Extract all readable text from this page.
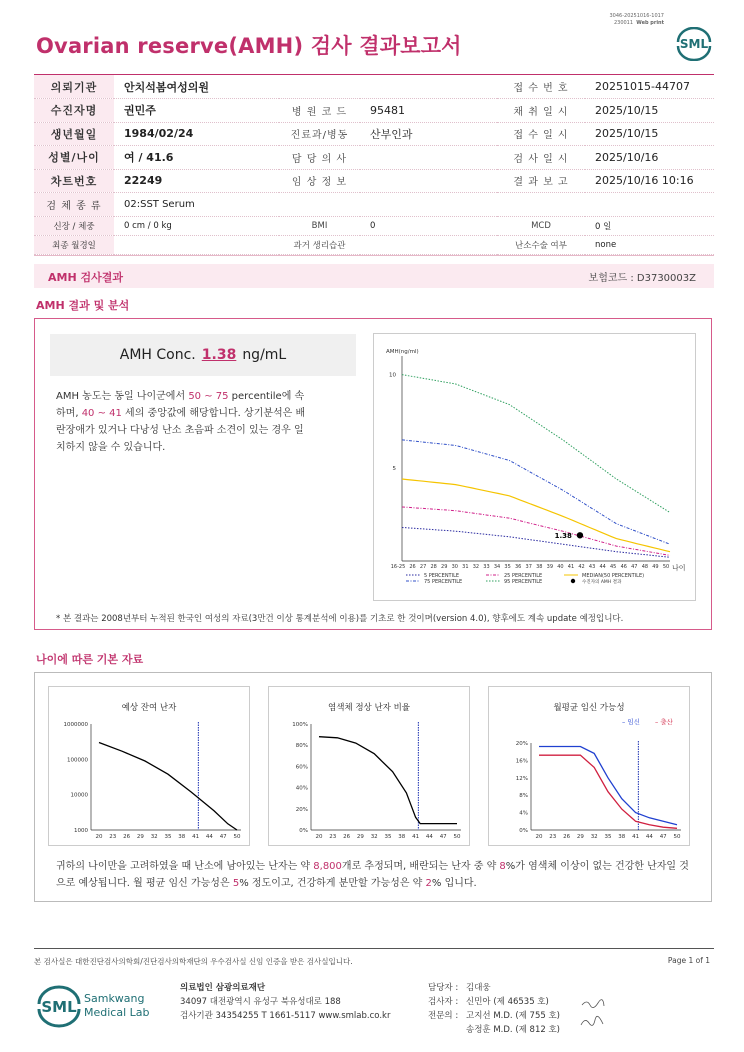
Ovarian reserve(AMH) 검사 결과보고서
3046-20251016-1017
230011 Web print
SML
의뢰기관	안치석봄여성의원			접 수 번 호	20251015-44707
수진자명	권민주	병 원 코 드	95481	채 취 일 시	2025/10/15
생년월일	1984/02/24	진료과/병동	산부인과	접 수 일 시	2025/10/15
성별/나이	여 / 41.6	담 당 의 사		검 사 일 시	2025/10/16
차트번호	22249	임 상 정 보		결 과 보 고	2025/10/16 10:16
검 체 종 류	02:SST Serum				
신장 / 체중	0 cm / 0 kg	BMI	0	MCD	0 일
최종 월경일		과거 생리습관		난소수술 여부	none
AMH 검사결과	보험코드 : D3730003Z
AMH 결과 및 분석
AMH Conc. 1.38 ng/mL
AMH 농도는 동일 나이군에서 50 ~ 75 percentile에 속하며, 40 ~ 41 세의 중앙값에 해당합니다. 상기분석은 배란장애가 있거나 다낭성 난소 초음파 소견이 있는 경우 일치하지 않을 수 있습니다.
AMH(ng/ml)
나이
5
10
16-25 26 27 28 29 30 31 32 33 34 35 36 37 38 39 40 41 42 43 44 45 46 47 48 49 50
1.38
5 PERCENTILE	25 PERCENTILE
75 PERCENTILE	95 PERCENTILE
MEDIAN(50 PERCENTILE)
수진자의 AMH 결과
* 본 결과는 2008년부터 누적된 한국인 여성의 자료(3만건 이상 통계분석에 이용)를 기초로 한 것이며(version 4.0), 향후에도 계속 update 예정입니다.
나이에 따른 기본 자료
예상 잔여 난자
1000000
100000
10000
1000
20 23 26 29 32 35 38 41 44 47 50
염색체 정상 난자 비율
100%
80%
60%
40%
20%
0%
20 23 26 29 32 35 38 41 44 47 50
월평균 임신 가능성
20%
16%
12%
8%
4%
0%
20 23 26 29 32 35 38 41 44 47 50
– 임신 – 출산
귀하의 나이만을 고려하였을 때 난소에 남아있는 난자는 약 8,800개로 추정되며, 배란되는 난자 중 약 8%가 염색체 이상이 없는 건강한 난자일 것으로 예상됩니다. 월 평균 임신 가능성은 5% 정도이고, 건강하게 분만할 가능성은 약 2% 입니다.
본 검사실은 대한진단검사의학회/진단검사의학재단의 우수검사실 신임 인증을 받은 검사실입니다.	Page 1 of 1
SML Samkwang
Medical Lab
의료법인 삼광의료재단
34097 대전광역시 유성구 북유성대로 188
검사기관 34354255 T 1661-5117 www.smlab.co.kr
담당자 : 김대웅
검사자 : 신민아 (제 46535 호)
전문의 : 고지선 M.D. (제 755 호)
송정훈 M.D. (제 812 호)
